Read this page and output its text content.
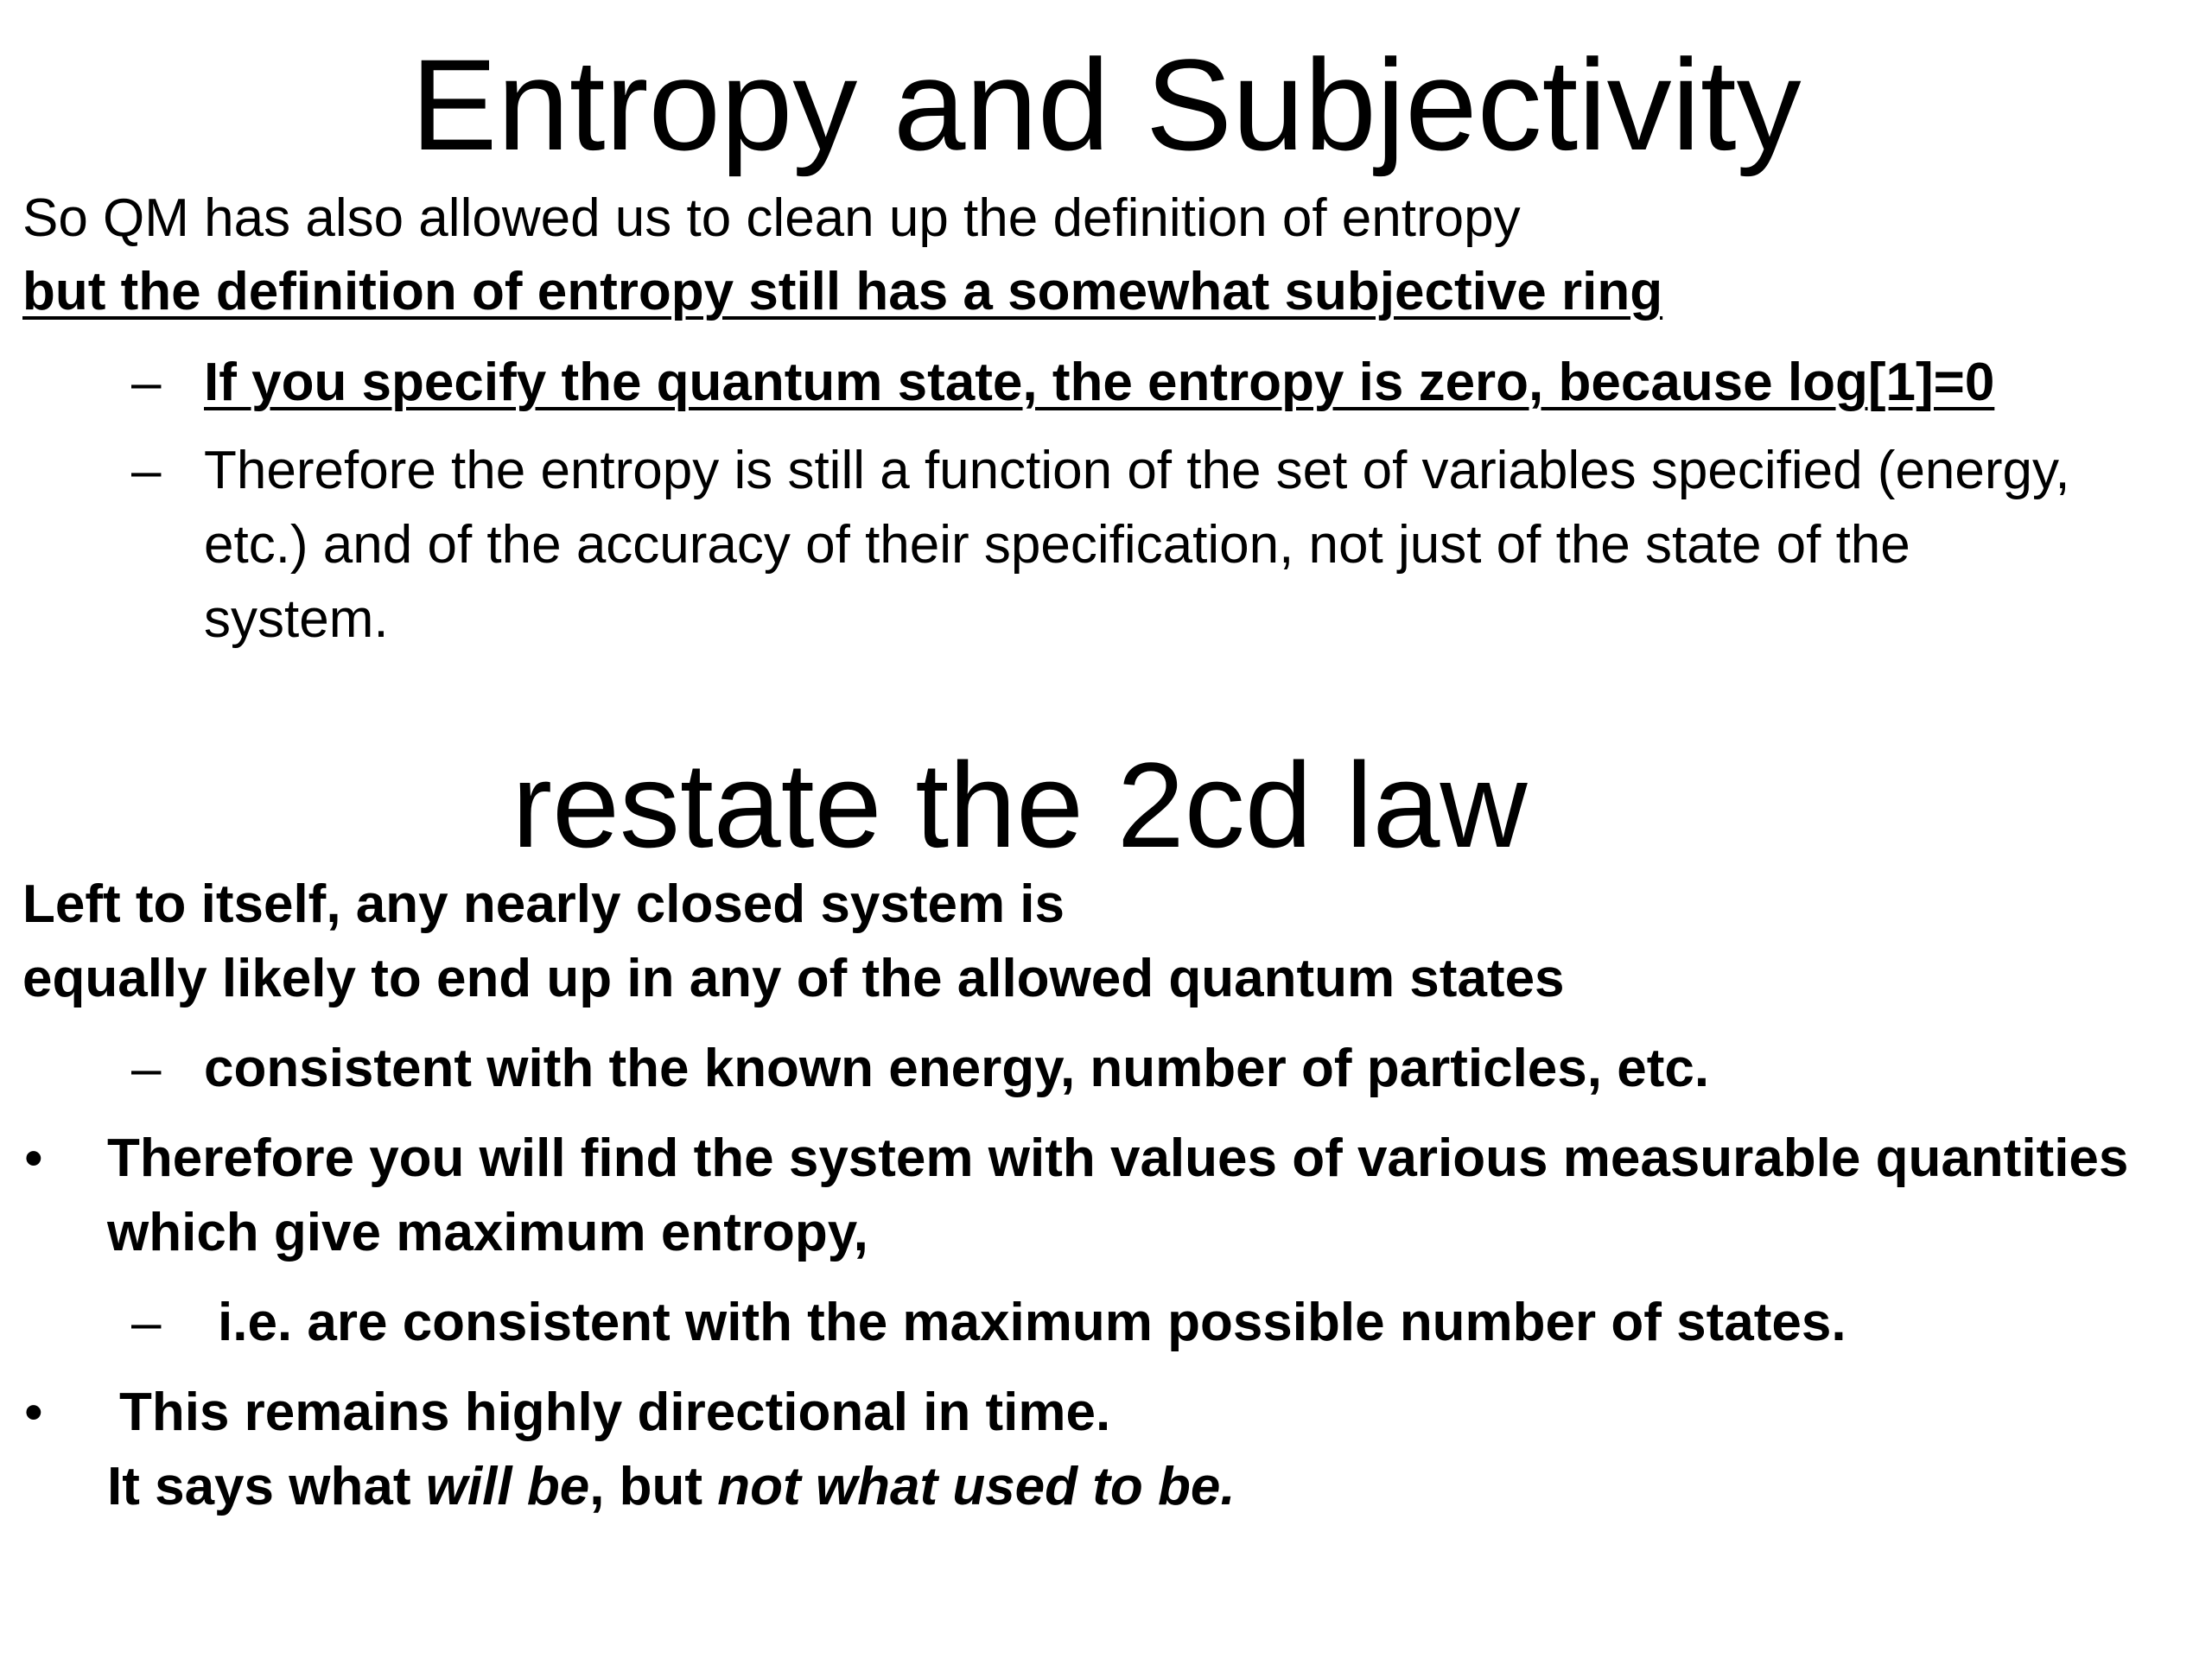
Entropy and Subjectivity
So QM has also allowed us to clean up the definition of entropy
but the definition of entropy still has a somewhat subjective ring
– If you specify the quantum state, the entropy is zero, because log[1]=0
– Therefore the entropy is still a function of the set of variables specified (energy,
etc.) and of the accuracy of their specification, not just of the state of the
system.
restate the 2cd law
Left to itself, any nearly closed system is
equally likely to end up in any of the allowed quantum states
– consistent with the known energy, number of particles, etc.
• Therefore you will find the system with values of various measurable quantities
which give maximum entropy,
– i.e. are consistent with the maximum possible number of states.
• This remains highly directional in time.
It says what will be, but not what used to be.
